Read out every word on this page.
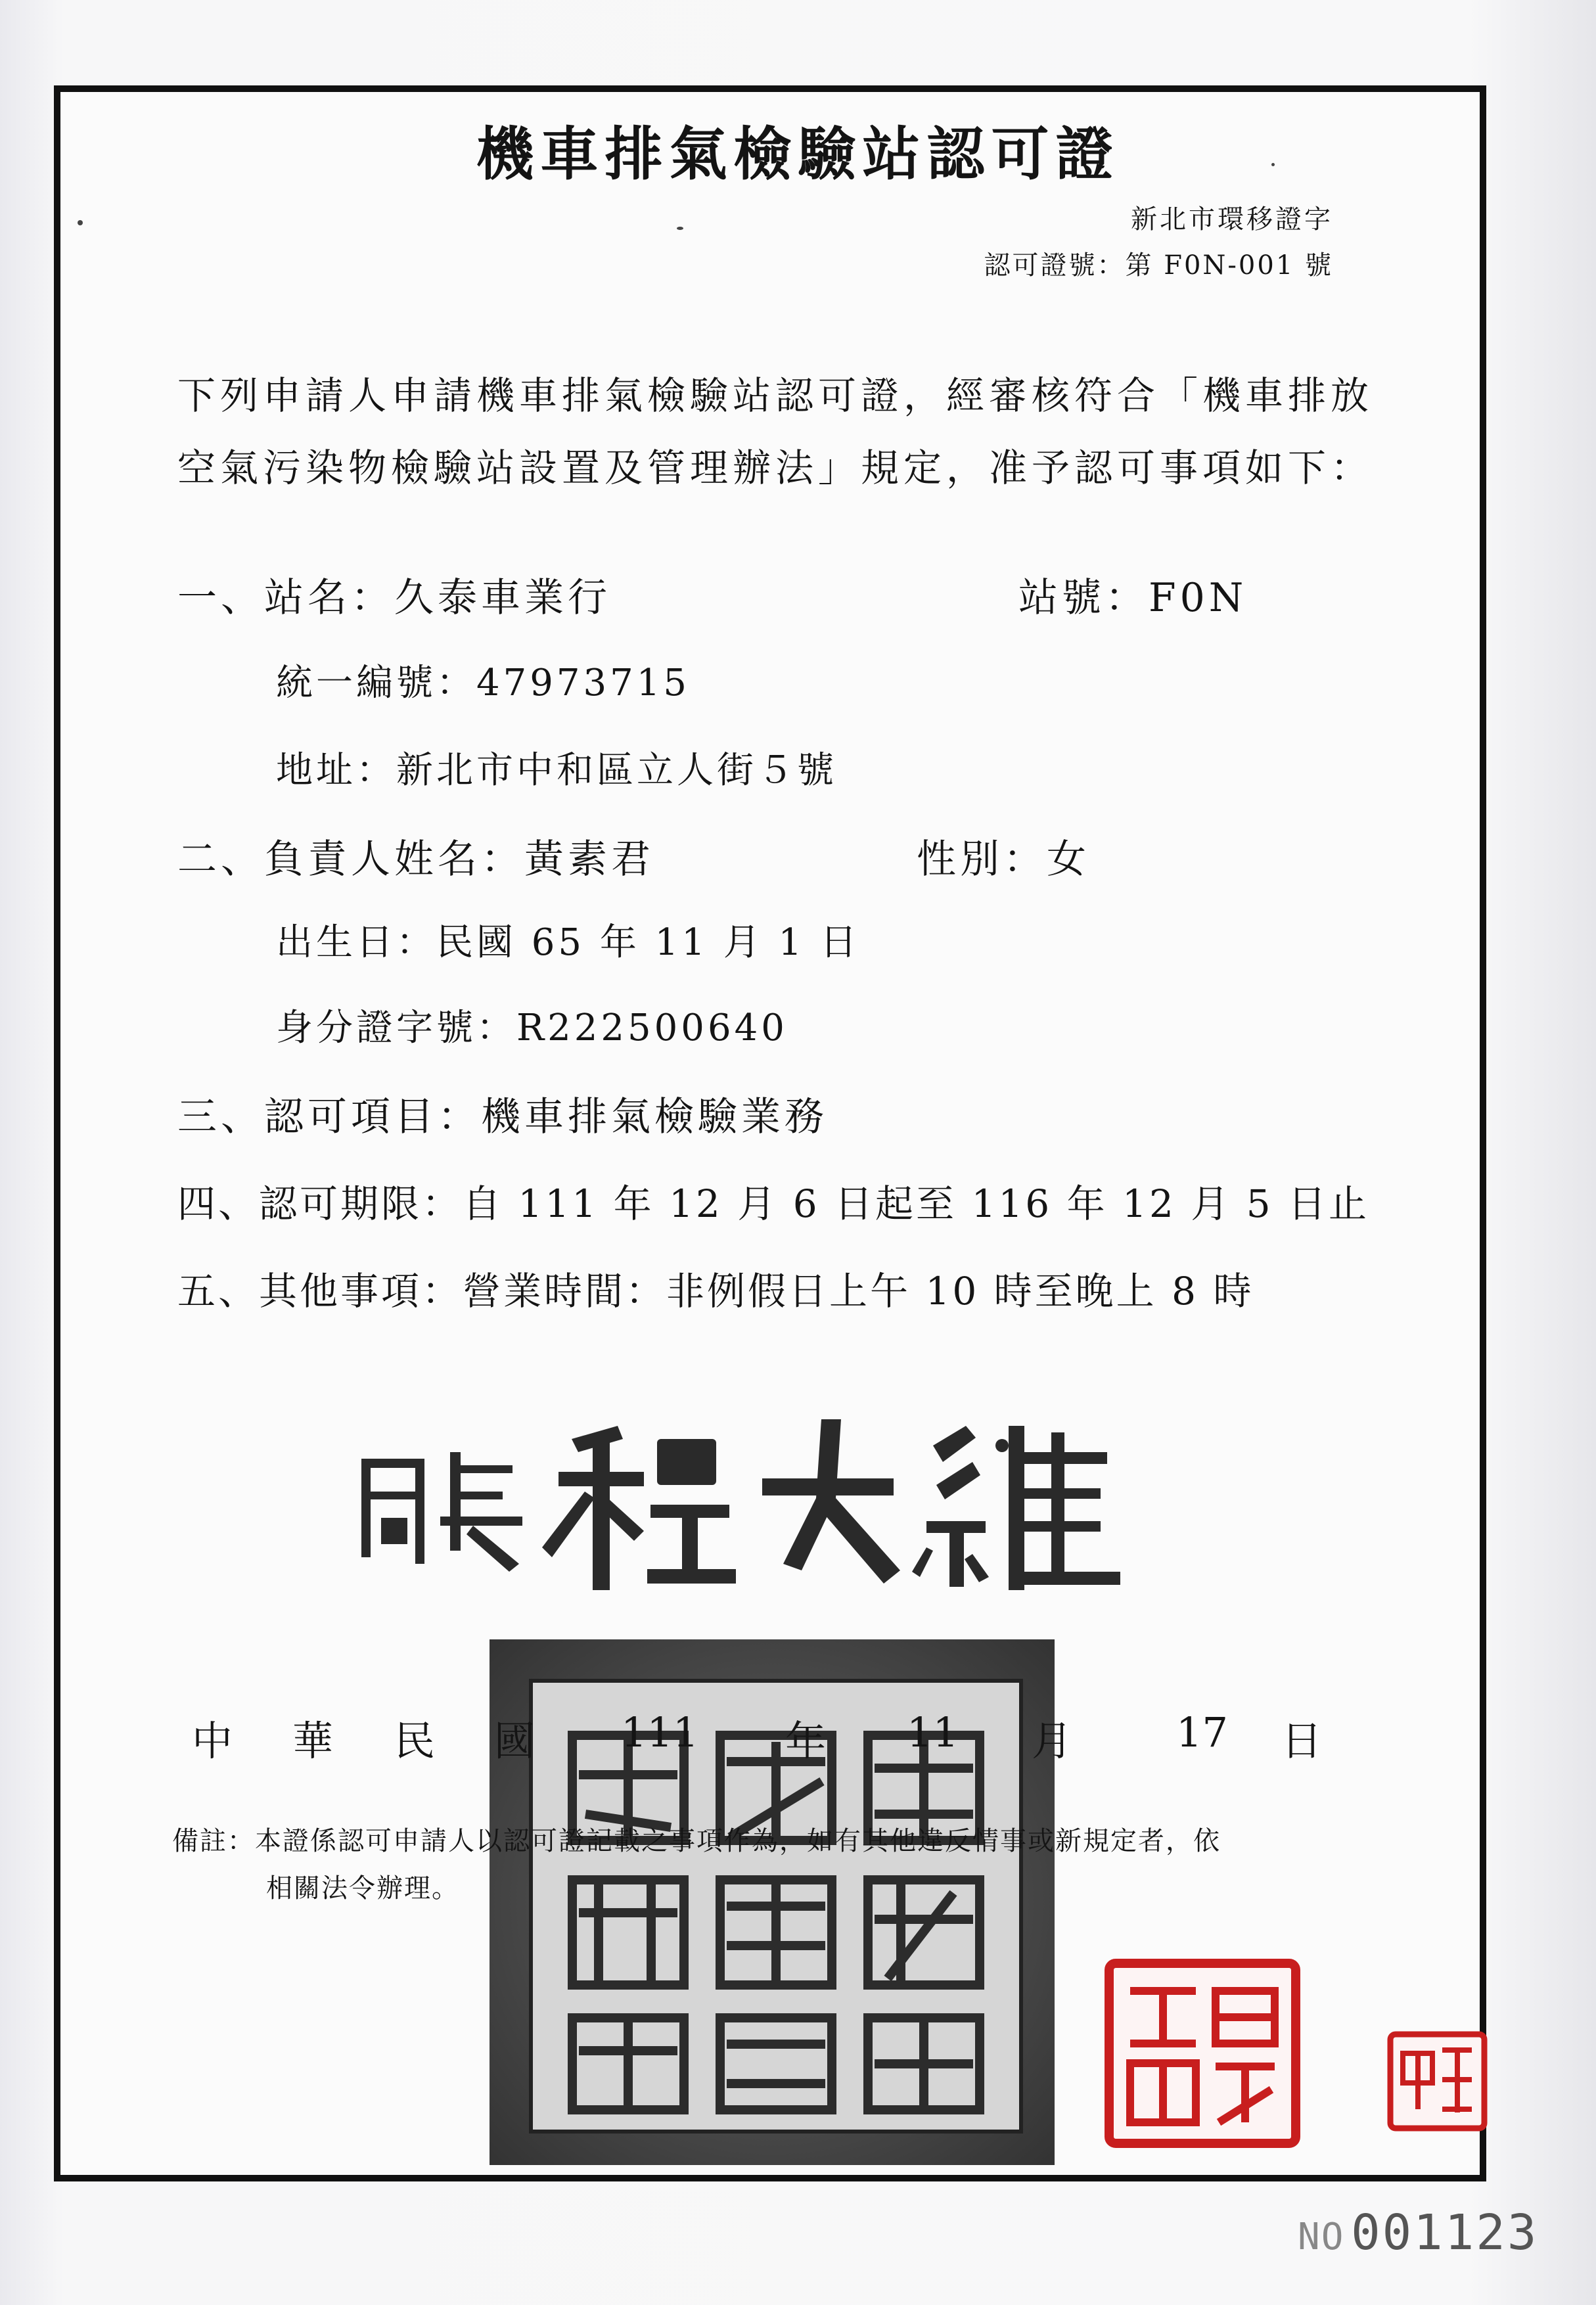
機車排氣檢驗站認可證
新北市環移證字
認可證號：第 F0N-001 號
下列申請人申請機車排氣檢驗站認可證，經審核符合「機車排放
空氣污染物檢驗站設置及管理辦法」規定，准予認可事項如下：
一、站名：久泰車業行	站號：F0N
統一編號：47973715
地址：新北市中和區立人街５號
二、負責人姓名：黃素君	性別：女
出生日：民國 65 年 11 月 1 日
身分證字號：R222500640
三、認可項目：機車排氣檢驗業務
四、認可期限：自 111 年 12 月 6 日起至 116 年 12 月 5 日止
五、其他事項：營業時間：非例假日上午 10 時至晚上 8 時
中 華 民 國 111 年 11 月	17 日
備註：本證係認可申請人以認可證記載之事項作為，如有其他違反情事或新規定者，依
相關法令辦理。
NO 001123
